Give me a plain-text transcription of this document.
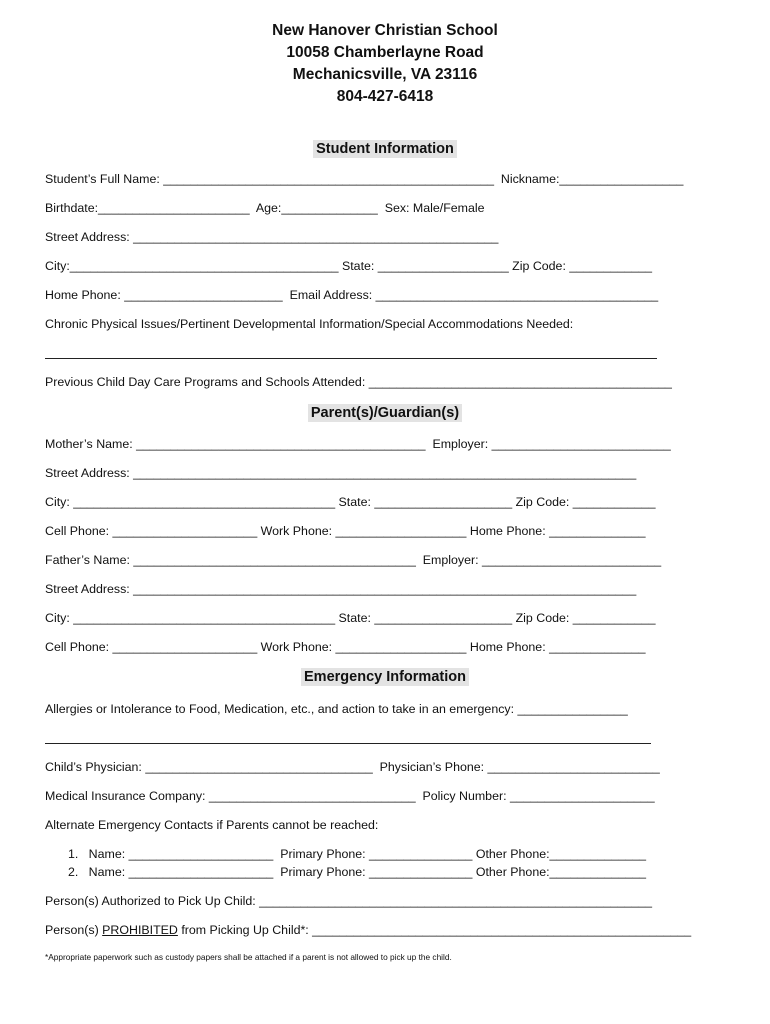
New Hanover Christian School
10058 Chamberlayne Road
Mechanicsville, VA 23116
804-427-6418
Student Information
Student’s Full Name: ________________________________________________  Nickname:__________________
Birthdate:______________________  Age:______________  Sex: Male/Female
Street Address: _____________________________________________________
City:_______________________________________ State: ___________________ Zip Code: ____________
Home Phone: _______________________  Email Address: _________________________________________
Chronic Physical Issues/Pertinent Developmental Information/Special Accommodations Needed:
Previous Child Day Care Programs and Schools Attended: ____________________________________________
Parent(s)/Guardian(s)
Mother’s Name: __________________________________________  Employer: __________________________
Street Address: _________________________________________________________________________
City: ______________________________________ State: ____________________ Zip Code: ____________
Cell Phone: _____________________ Work Phone: ___________________ Home Phone: ______________
Father’s Name: _________________________________________  Employer: __________________________
Street Address: _________________________________________________________________________
City: ______________________________________ State: ____________________ Zip Code: ____________
Cell Phone: _____________________ Work Phone: ___________________ Home Phone: ______________
Emergency Information
Allergies or Intolerance to Food, Medication, etc., and action to take in an emergency: ________________
Child’s Physician: _________________________________  Physician’s Phone: _________________________
Medical Insurance Company: ______________________________  Policy Number: _____________________
Alternate Emergency Contacts if Parents cannot be reached:
1.   Name: _____________________  Primary Phone: _______________ Other Phone:______________
2.   Name: _____________________  Primary Phone: _______________ Other Phone:______________
Person(s) Authorized to Pick Up Child: _________________________________________________________
Person(s) PROHIBITED from Picking Up Child*: _______________________________________________________
*Appropriate paperwork such as custody papers shall be attached if a parent is not allowed to pick up the child.
